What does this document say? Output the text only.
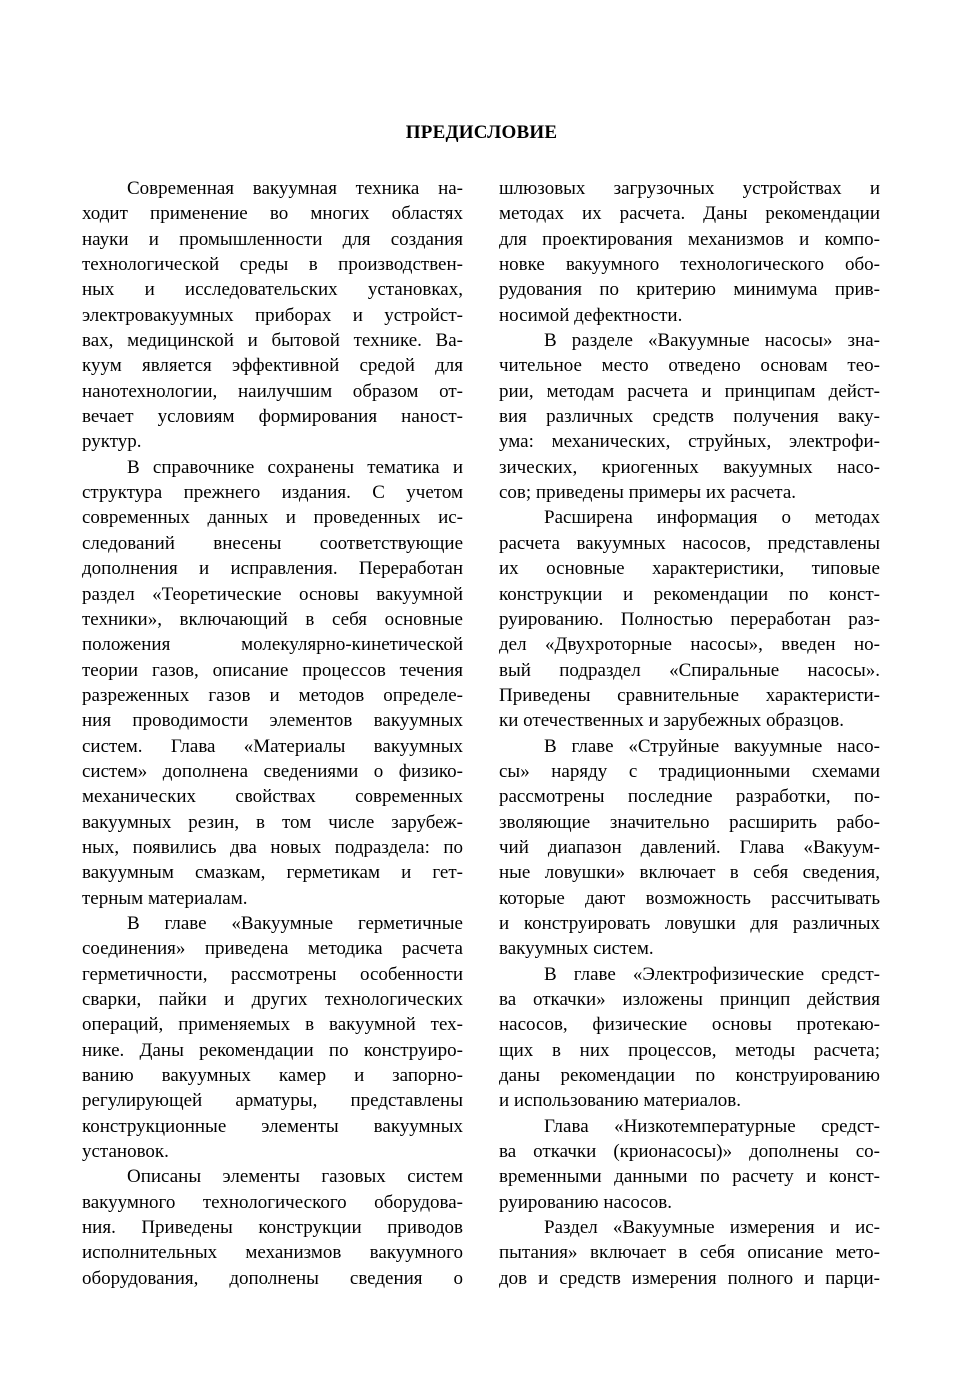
ПРЕДИСЛОВИЕ
Современная вакуумная техника на-
ходит применение во многих областях
науки и промышленности для создания
технологической среды в производствен-
ных и исследовательских установках,
электровакуумных приборах и устройст-
вах, медицинской и бытовой технике. Ва-
куум является эффективной средой для
нанотехнологии, наилучшим образом от-
вечает условиям формирования наност-
руктур.
В справочнике сохранены тематика и
структура прежнего издания. С учетом
современных данных и проведенных ис-
следований внесены соответствующие
дополнения и исправления. Переработан
раздел «Теоретические основы вакуумной
техники», включающий в себя основные
положения молекулярно-кинетической
теории газов, описание процессов течения
разреженных газов и методов определе-
ния проводимости элементов вакуумных
систем. Глава «Материалы вакуумных
систем» дополнена сведениями о физико-
механических свойствах современных
вакуумных резин, в том числе зарубеж-
ных, появились два новых подраздела: по
вакуумным смазкам, герметикам и гет-
терным материалам.
В главе «Вакуумные герметичные
соединения» приведена методика расчета
герметичности, рассмотрены особенности
сварки, пайки и других технологических
операций, применяемых в вакуумной тех-
нике. Даны рекомендации по конструиро-
ванию вакуумных камер и запорно-
регулирующей арматуры, представлены
конструкционные элементы вакуумных
установок.
Описаны элементы газовых систем
вакуумного технологического оборудова-
ния. Приведены конструкции приводов
исполнительных механизмов вакуумного
оборудования, дополнены сведения о
шлюзовых загрузочных устройствах и
методах их расчета. Даны рекомендации
для проектирования механизмов и компо-
новке вакуумного технологического обо-
рудования по критерию минимума прив-
носимой дефектности.
В разделе «Вакуумные насосы» зна-
чительное место отведено основам тео-
рии, методам расчета и принципам дейст-
вия различных средств получения ваку-
ума: механических, струйных, электрофи-
зических, криогенных вакуумных насо-
сов; приведены примеры их расчета.
Расширена информация о методах
расчета вакуумных насосов, представлены
их основные характеристики, типовые
конструкции и рекомендации по конст-
руированию. Полностью переработан раз-
дел «Двухроторные насосы», введен но-
вый подраздел «Спиральные насосы».
Приведены сравнительные характеристи-
ки отечественных и зарубежных образцов.
В главе «Струйные вакуумные насо-
сы» наряду с традиционными схемами
рассмотрены последние разработки, по-
зволяющие значительно расширить рабо-
чий диапазон давлений. Глава «Вакуум-
ные ловушки» включает в себя сведения,
которые дают возможность рассчитывать
и конструировать ловушки для различных
вакуумных систем.
В главе «Электрофизические средст-
ва откачки» изложены принцип действия
насосов, физические основы протекаю-
щих в них процессов, методы расчета;
даны рекомендации по конструированию
и использованию материалов.
Глава «Низкотемпературные средст-
ва откачки (крионасосы)» дополнены со-
временными данными по расчету и конст-
руированию насосов.
Раздел «Вакуумные измерения и ис-
пытания» включает в себя описание мето-
дов и средств измерения полного и парци-
